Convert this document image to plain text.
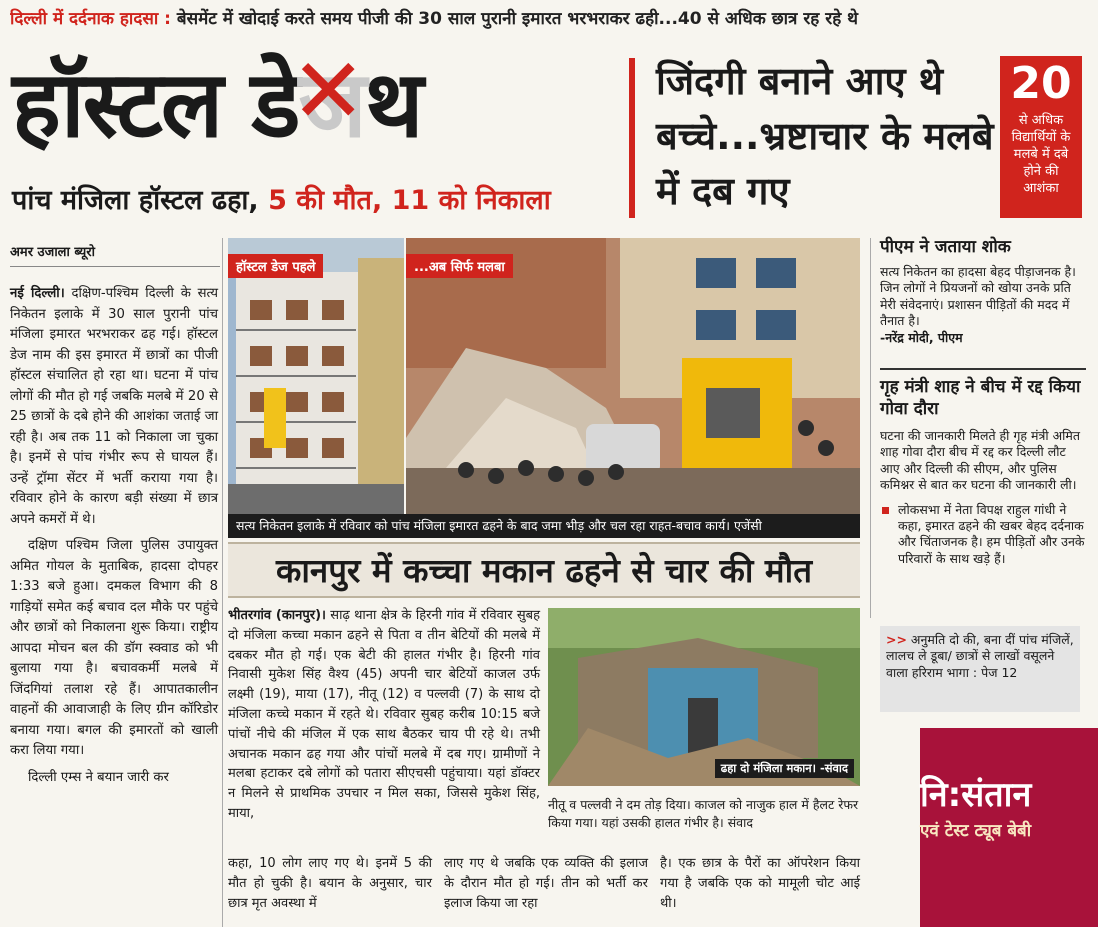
दिल्ली में दर्दनाक हादसा : बेसमेंट में खोदाई करते समय पीजी की 30 साल पुरानी इमारत भरभराकर ढही...40 से अधिक छात्र रह रहे थे
हॉस्टल डेज ✕थ
पांच मंजिला हॉस्टल ढहा, 5 की मौत, 11 को निकाला
जिंदगी बनाने आए थे बच्चे...भ्रष्टाचार के मलबे में दब गए
20
से अधिक विद्यार्थियों के मलबे में दबे होने की आशंका
अमर उजाला ब्यूरो

नई दिल्ली। दक्षिण-पश्चिम दिल्ली के सत्य निकेतन इलाके में 30 साल पुरानी पांच मंजिला इमारत भरभराकर ढह गई। हॉस्टल डेज नाम की इस इमारत में छात्रों का पीजी हॉस्टल संचालित हो रहा था। घटना में पांच लोगों की मौत हो गई जबकि मलबे में 20 से 25 छात्रों के दबे होने की आशंका जताई जा रही है। अब तक 11 को निकाला जा चुका है। इनमें से पांच गंभीर रूप से घायल हैं। उन्हें ट्रॉमा सेंटर में भर्ती कराया गया है। रविवार होने के कारण बड़ी संख्या में छात्र अपने कमरों में थे।

दक्षिण पश्चिम जिला पुलिस उपायुक्त अमित गोयल के मुताबिक, हादसा दोपहर 1:33 बजे हुआ। दमकल विभाग की 8 गाड़ियों समेत कई बचाव दल मौके पर पहुंचे और छात्रों को निकालना शुरू किया। राष्ट्रीय आपदा मोचन बल की डॉग स्क्वाड को भी बुलाया गया है। बचावकर्मी मलबे में जिंदगियां तलाश रहे हैं। आपातकालीन वाहनों की आवाजाही के लिए ग्रीन कॉरिडोर बनाया गया। बगल की इमारतों को खाली करा लिया गया।

दिल्ली एम्स ने बयान जारी कर

हॉस्टल डेज पहले	...अब सिर्फ मलबा
सत्य निकेतन इलाके में रविवार को पांच मंजिला इमारत ढहने के बाद जमा भीड़ और चल रहा राहत-बचाव कार्य। एजेंसी
कानपुर में कच्चा मकान ढहने से चार की मौत
भीतरगांव (कानपुर)। साढ़ थाना क्षेत्र के हिरनी गांव में रविवार सुबह दो मंजिला कच्चा मकान ढहने से पिता व तीन बेटियों की मलबे में दबकर मौत हो गई। एक बेटी की हालत गंभीर है। हिरनी गांव निवासी मुकेश सिंह वैश्य (45) अपनी चार बेटियों काजल उर्फ लक्ष्मी (19), माया (17), नीतू (12) व पल्लवी (7) के साथ दो मंजिला कच्चे मकान में रहते थे। रविवार सुबह करीब 10:15 बजे पांचों नीचे की मंजिल में एक साथ बैठकर चाय पी रहे थे। तभी अचानक मकान ढह गया और पांचों मलबे में दब गए। ग्रामीणों ने मलबा हटाकर दबे लोगों को पतारा सीएचसी पहुंचाया। यहां डॉक्टर न मिलने से प्राथमिक उपचार न मिल सका, जिससे मुकेश सिंह, माया,
ढहा दो मंजिला मकान। -संवाद
नीतू व पल्लवी ने दम तोड़ दिया। काजल को नाजुक हाल में हैलट रेफर किया गया। यहां उसकी हालत गंभीर है। संवाद
कहा, 10 लोग लाए गए थे। इनमें 5 की मौत हो चुकी है। बयान के अनुसार, चार छात्र मृत अवस्था में
लाए गए थे जबकि एक व्यक्ति की इलाज के दौरान मौत हो गई। तीन को भर्ती कर इलाज किया जा रहा
है। एक छात्र के पैरों का ऑपरेशन किया गया है जबकि एक को मामूली चोट आई थी।
पीएम ने जताया शोक
सत्य निकेतन का हादसा बेहद पीड़ाजनक है। जिन लोगों ने प्रियजनों को खोया उनके प्रति मेरी संवेदनाएं। प्रशासन पीड़ितों की मदद में तैनात है।
-नरेंद्र मोदी, पीएम
गृह मंत्री शाह ने बीच में रद्द किया गोवा दौरा
घटना की जानकारी मिलते ही गृह मंत्री अमित शाह गोवा दौरा बीच में रद्द कर दिल्ली लौट आए और दिल्ली की सीएम, और पुलिस कमिश्नर से बात कर घटना की जानकारी ली।
लोकसभा में नेता विपक्ष राहुल गांधी ने कहा, इमारत ढहने की खबर बेहद दर्दनाक और चिंताजनक है। हम पीड़ितों और उनके परिवारों के साथ खड़े हैं।
>> अनुमति दो की, बना दीं पांच मंजिलें, लालच ले डूबा/ छात्रों से लाखों वसूलने वाला हरिराम भागा : पेज 12
नि:संतान
एवं टेस्ट ट्यूब बेबी
